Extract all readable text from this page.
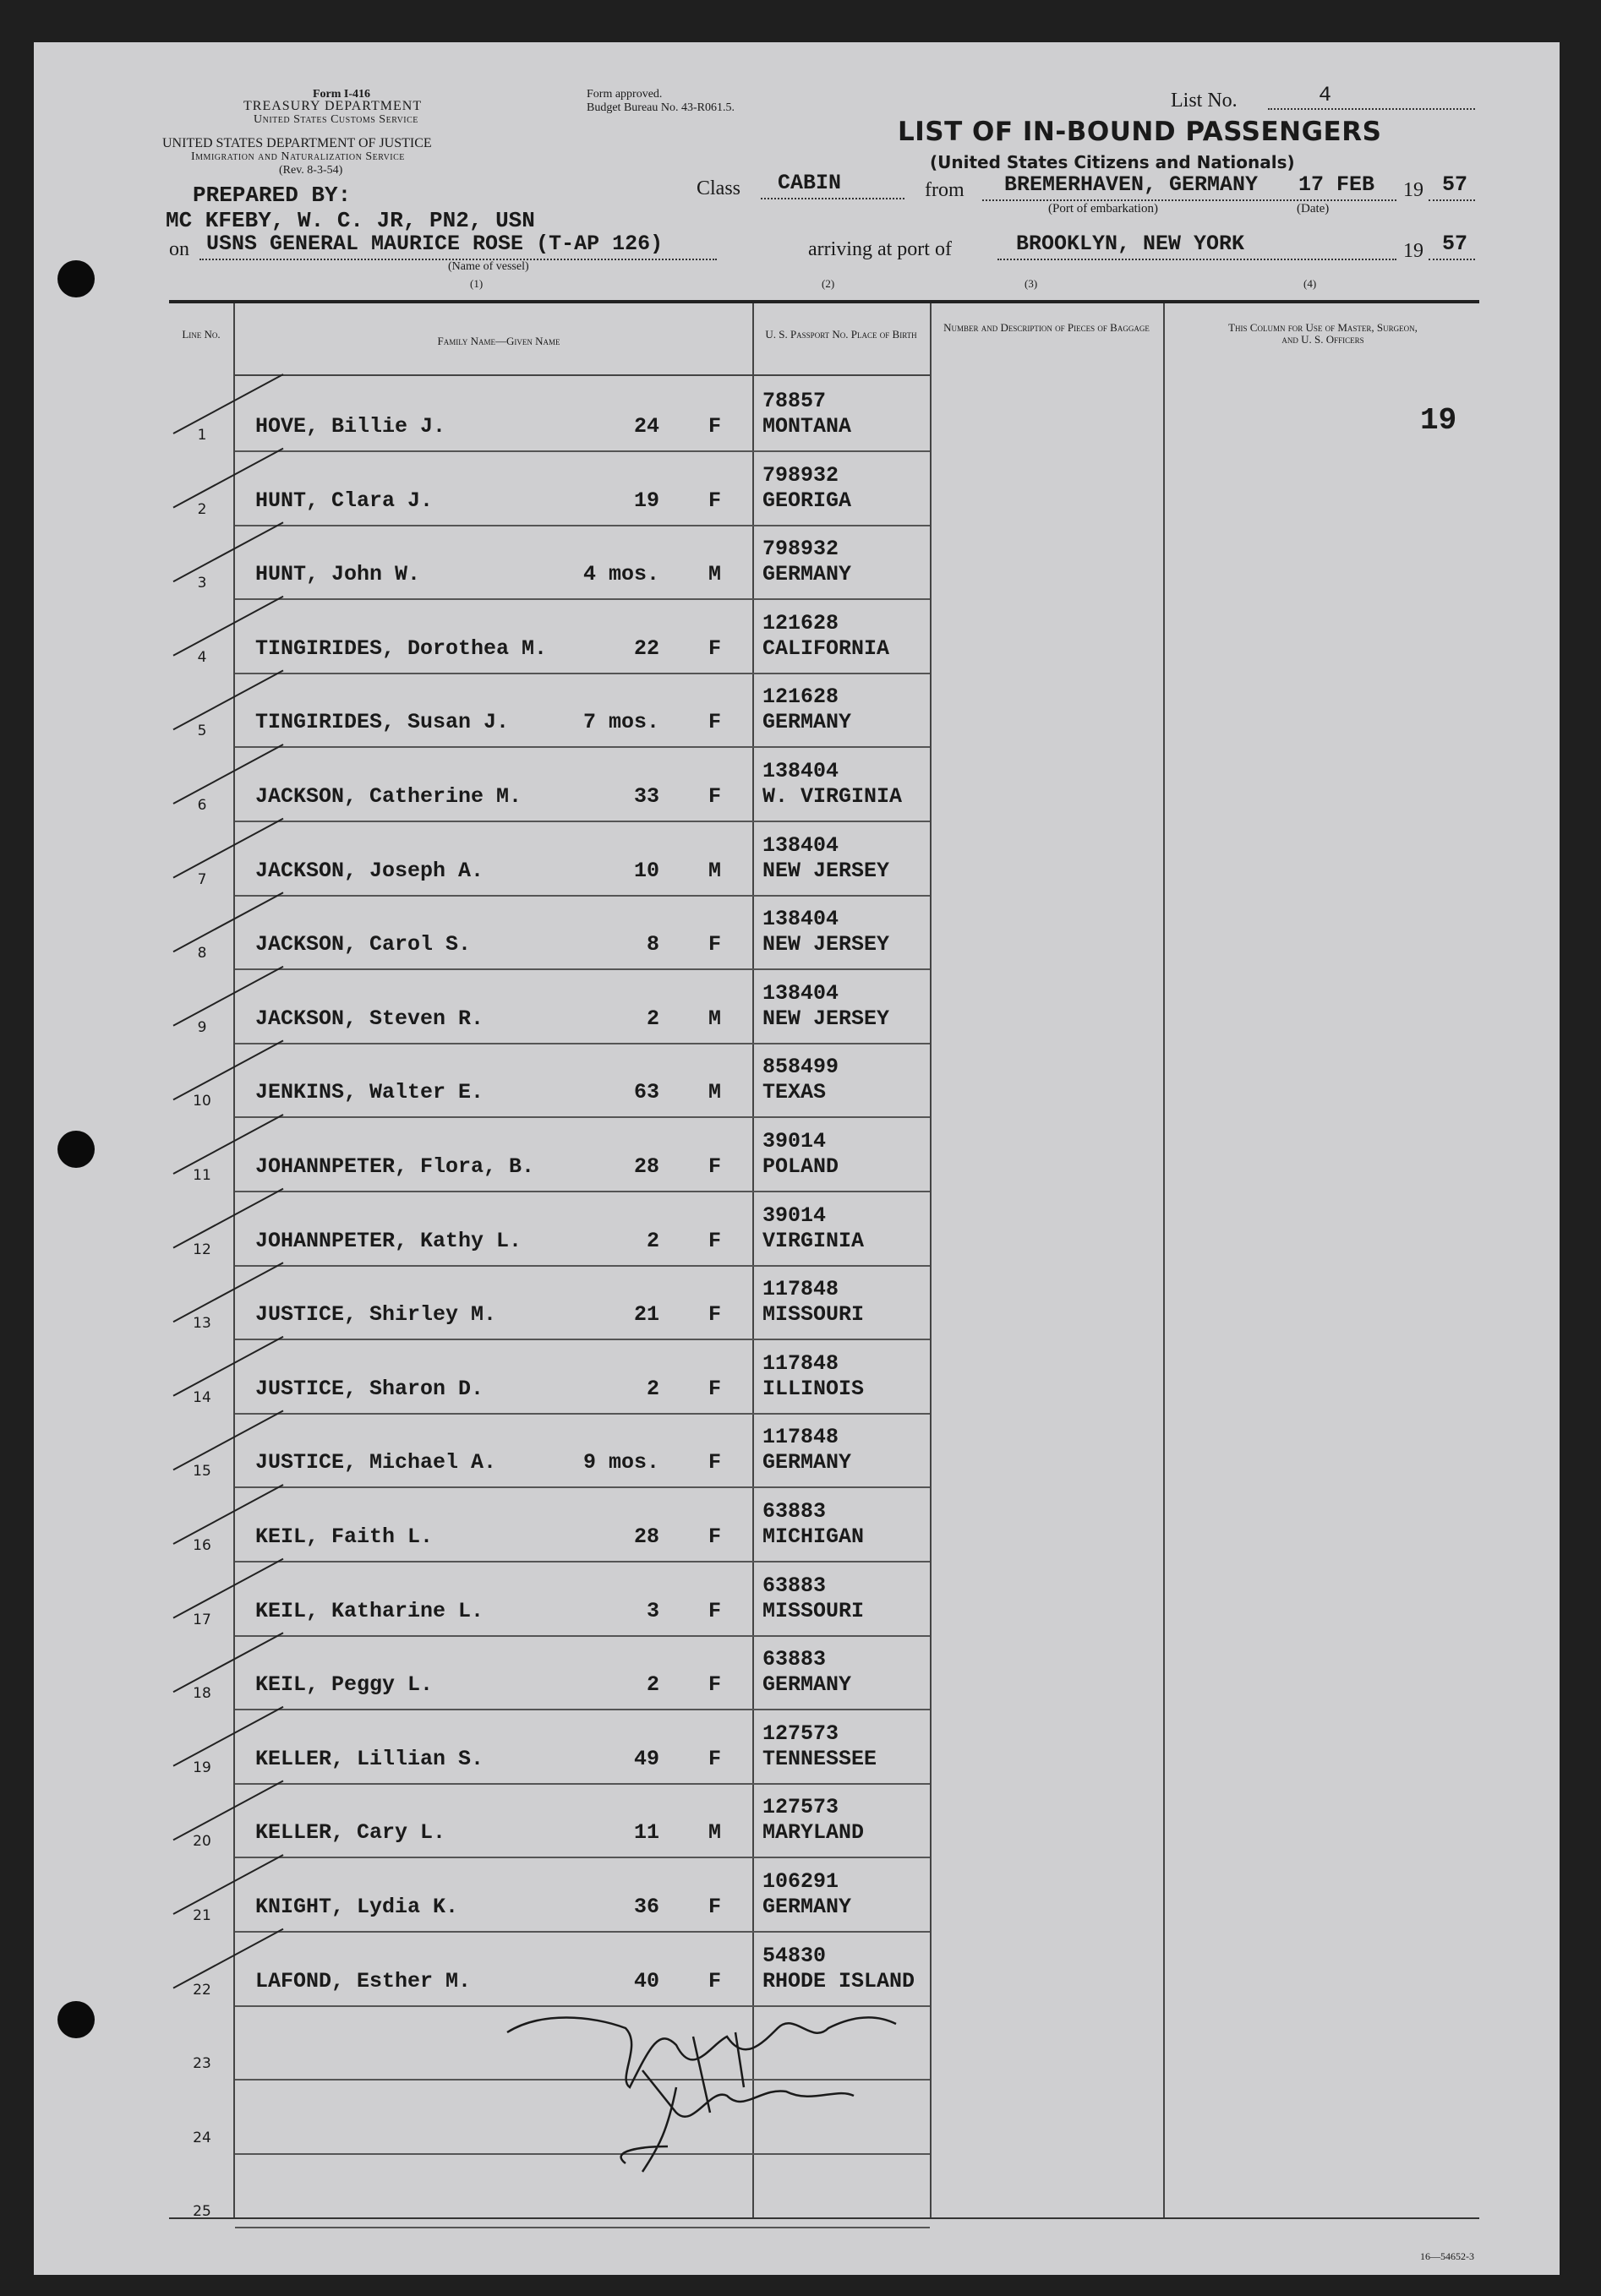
Form I-416
TREASURY DEPARTMENT
United States Customs Service
UNITED STATES DEPARTMENT OF JUSTICE
Immigration and Naturalization Service
(Rev. 8-3-54)
Form approved.
Budget Bureau No. 43-R061.5.	List No.	4
LIST OF IN-BOUND PASSENGERS
(United States Citizens and Nationals)
PREPARED BY:
MC KFEBY, W. C. JR, PN2, USN
Class CABIN	from BREMERHAVEN, GERMANY 17 FEB
(Port of embarkation)	(Date)
19 57
on USNS GENERAL MAURICE ROSE (T-AP 126)
(Name of vessel)
arriving at port of	BROOKLYN, NEW YORK	19 57
(1)	(2)	(3)	(4)
Line No.
Family Name—Given Name
U. S. Passport No. Place of Birth
Number and Description of Pieces of Baggage	This Column for Use of Master, Surgeon, and U. S. Officers
19
1	HOVE, Billie J.	24 F
78857
MONTANA
2	HUNT, Clara J.	19 F
798932
GEORIGA
3	HUNT, John W.	4 mos. M
798932
GERMANY
4	TINGIRIDES, Dorothea M.	22 F
121628
CALIFORNIA
5	TINGIRIDES, Susan J.	7 mos. F
121628
GERMANY
6	JACKSON, Catherine M.	33 F
138404
W. VIRGINIA
7	JACKSON, Joseph A.	10 M
138404
NEW JERSEY
8	JACKSON, Carol S.	8 F
138404
NEW JERSEY
9	JACKSON, Steven R.	2 M
138404
NEW JERSEY
10	JENKINS, Walter E.	63 M
858499
TEXAS
11	JOHANNPETER, Flora, B.	28 F
39014
POLAND
12	JOHANNPETER, Kathy L.	2 F
39014
VIRGINIA
13	JUSTICE, Shirley M.	21 F
117848
MISSOURI
14	JUSTICE, Sharon D.	2 F
117848
ILLINOIS
15	JUSTICE, Michael A.	9 mos. F
117848
GERMANY
16	KEIL, Faith L.	28 F
63883
MICHIGAN
17	KEIL, Katharine L.	3 F
63883
MISSOURI
18	KEIL, Peggy L.	2 F
63883
GERMANY
19	KELLER, Lillian S.	49 F
127573
TENNESSEE
20	KELLER, Cary L.	11 M
127573
MARYLAND
21	KNIGHT, Lydia K.	36 F
106291
GERMANY
22	LAFOND, Esther M.	40 F
54830
RHODE ISLAND
23
24
25
16—54652-3
